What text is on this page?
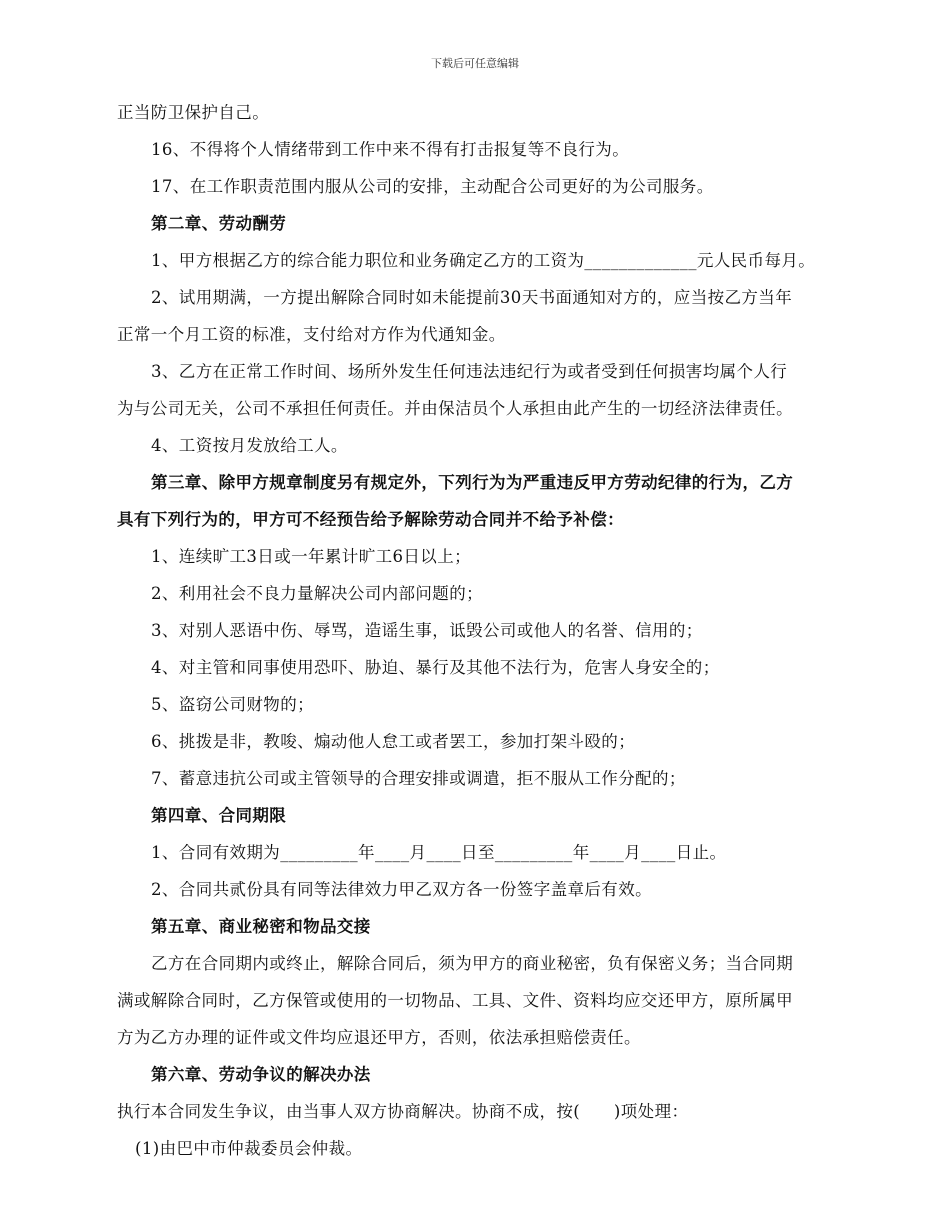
下载后可任意编辑
正当防卫保护自己。
16、不得将个人情绪带到工作中来不得有打击报复等不良行为。
17、在工作职责范围内服从公司的安排，主动配合公司更好的为公司服务。
第二章、劳动酬劳
1、甲方根据乙方的综合能力职位和业务确定乙方的工资为_____________元人民币每月。
2、试用期满，一方提出解除合同时如未能提前30天书面通知对方的，应当按乙方当年
正常一个月工资的标准，支付给对方作为代通知金。
3、乙方在正常工作时间、场所外发生任何违法违纪行为或者受到任何损害均属个人行
为与公司无关，公司不承担任何责任。并由保洁员个人承担由此产生的一切经济法律责任。
4、工资按月发放给工人。
第三章、除甲方规章制度另有规定外，下列行为为严重违反甲方劳动纪律的行为，乙方
具有下列行为的，甲方可不经预告给予解除劳动合同并不给予补偿：
1、连续旷工3日或一年累计旷工6日以上；
2、利用社会不良力量解决公司内部问题的；
3、对别人恶语中伤、辱骂，造谣生事，诋毁公司或他人的名誉、信用的；
4、对主管和同事使用恐吓、胁迫、暴行及其他不法行为，危害人身安全的；
5、盗窃公司财物的；
6、挑拨是非，教唆、煽动他人怠工或者罢工，参加打架斗殴的；
7、蓄意违抗公司或主管领导的合理安排或调遣，拒不服从工作分配的；
第四章、合同期限
1、合同有效期为_________年____月____日至_________年____月____日止。
2、合同共贰份具有同等法律效力甲乙双方各一份签字盖章后有效。
第五章、商业秘密和物品交接
乙方在合同期内或终止，解除合同后，须为甲方的商业秘密，负有保密义务；当合同期
满或解除合同时，乙方保管或使用的一切物品、工具、文件、资料均应交还甲方，原所属甲
方为乙方办理的证件或文件均应退还甲方，否则，依法承担赔偿责任。
第六章、劳动争议的解决办法
执行本合同发生争议，由当事人双方协商解决。协商不成，按(　　)项处理：
(1)由巴中市仲裁委员会仲裁。
